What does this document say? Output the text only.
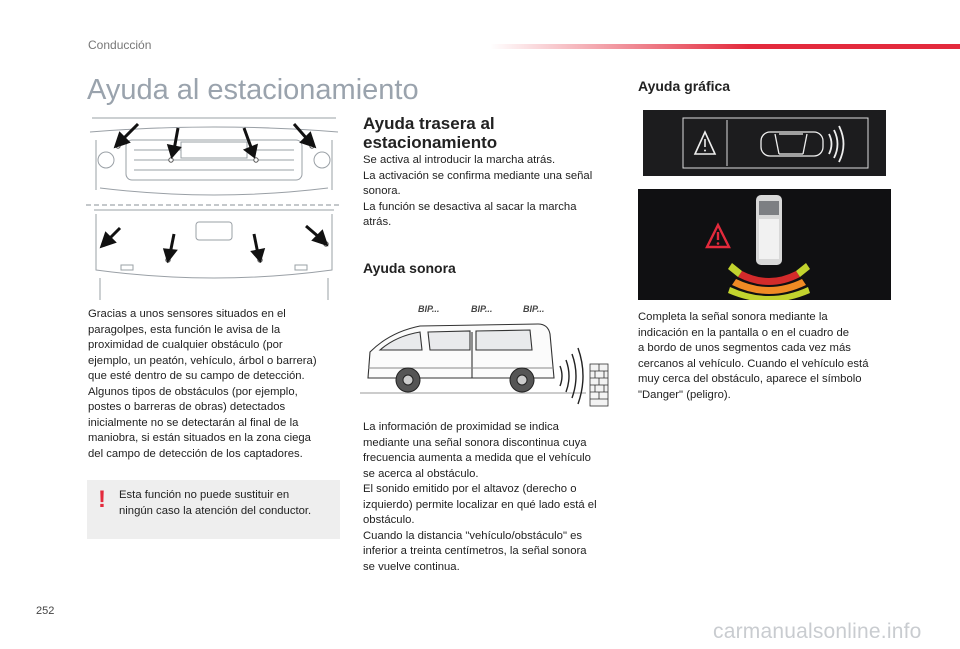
Conducción
Ayuda al estacionamiento

Gracias a unos sensores situados en el

paragolpes, esta función le avisa de la

proximidad de cualquier obstáculo (por

ejemplo, un peatón, vehículo, árbol o barrera)

que esté dentro de su campo de detección.

Algunos tipos de obstáculos (por ejemplo,

postes o barreras de obras) detectados

inicialmente no se detectarán al final de la

maniobra, si están situados en la zona ciega

del campo de detección de los captadores.

! Esta función no puede sustituir en
ningún caso la atención del conductor.
Ayuda trasera al
estacionamiento

Se activa al introducir la marcha atrás.

La activación se confirma mediante una señal

sonora.

La función se desactiva al sacar la marcha

atrás.

Ayuda sonora
BIP...	BIP...	BIP...

La información de proximidad se indica

mediante una señal sonora discontinua cuya

frecuencia aumenta a medida que el vehículo

se acerca al obstáculo.

El sonido emitido por el altavoz (derecho o

izquierdo) permite localizar en qué lado está el

obstáculo.

Cuando la distancia "vehículo/obstáculo" es

inferior a treinta centímetros, la señal sonora

se vuelve continua.

Ayuda gráfica

Completa la señal sonora mediante la

indicación en la pantalla o en el cuadro de

a bordo de unos segmentos cada vez más

cercanos al vehículo. Cuando el vehículo está

muy cerca del obstáculo, aparece el símbolo

"Danger" (peligro).

252
carmanualsonline.info
